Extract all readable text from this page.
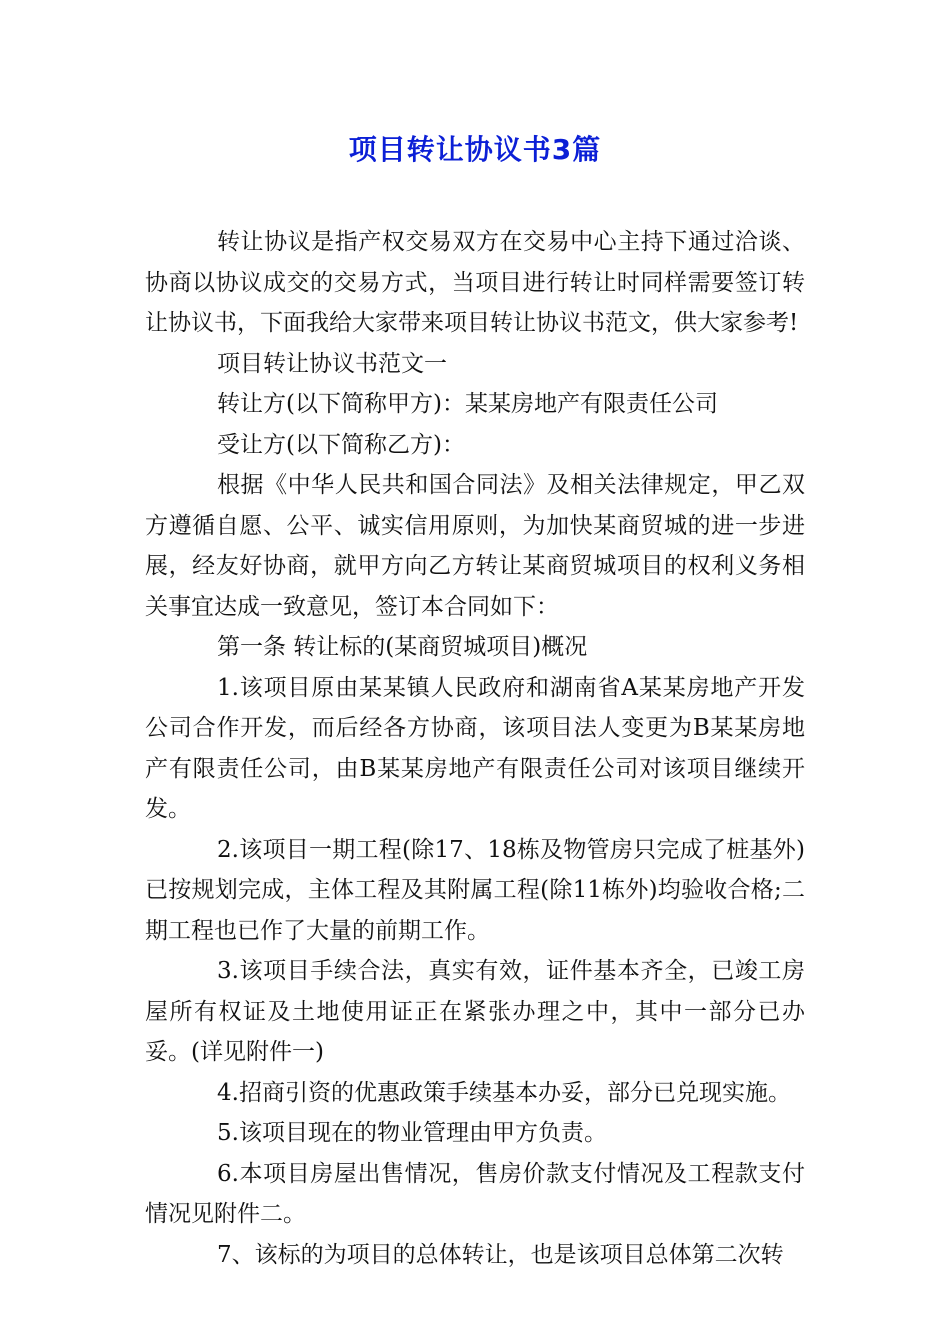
项目转让协议书3篇

转让协议是指产权交易双方在交易中心主持下通过洽谈、协商以协议成交的交易方式，当项目进行转让时同样需要签订转让协议书，下面我给大家带来项目转让协议书范文，供大家参考!

项目转让协议书范文一

转让方(以下简称甲方)：某某房地产有限责任公司

受让方(以下简称乙方)：

根据《中华人民共和国合同法》及相关法律规定，甲乙双方遵循自愿、公平、诚实信用原则，为加快某商贸城的进一步进展，经友好协商，就甲方向乙方转让某商贸城项目的权利义务相关事宜达成一致意见，签订本合同如下：

第一条 转让标的(某商贸城项目)概况

1.该项目原由某某镇人民政府和湖南省A某某房地产开发公司合作开发，而后经各方协商，该项目法人变更为B某某房地产有限责任公司，由B某某房地产有限责任公司对该项目继续开发。

2.该项目一期工程(除17、18栋及物管房只完成了桩基外)已按规划完成，主体工程及其附属工程(除11栋外)均验收合格;二期工程也已作了大量的前期工作。

3.该项目手续合法，真实有效，证件基本齐全，已竣工房屋所有权证及土地使用证正在紧张办理之中，其中一部分已办妥。(详见附件一)

4.招商引资的优惠政策手续基本办妥，部分已兑现实施。

5.该项目现在的物业管理由甲方负责。

6.本项目房屋出售情况，售房价款支付情况及工程款支付情况见附件二。

7、该标的为项目的总体转让，也是该项目总体第二次转
